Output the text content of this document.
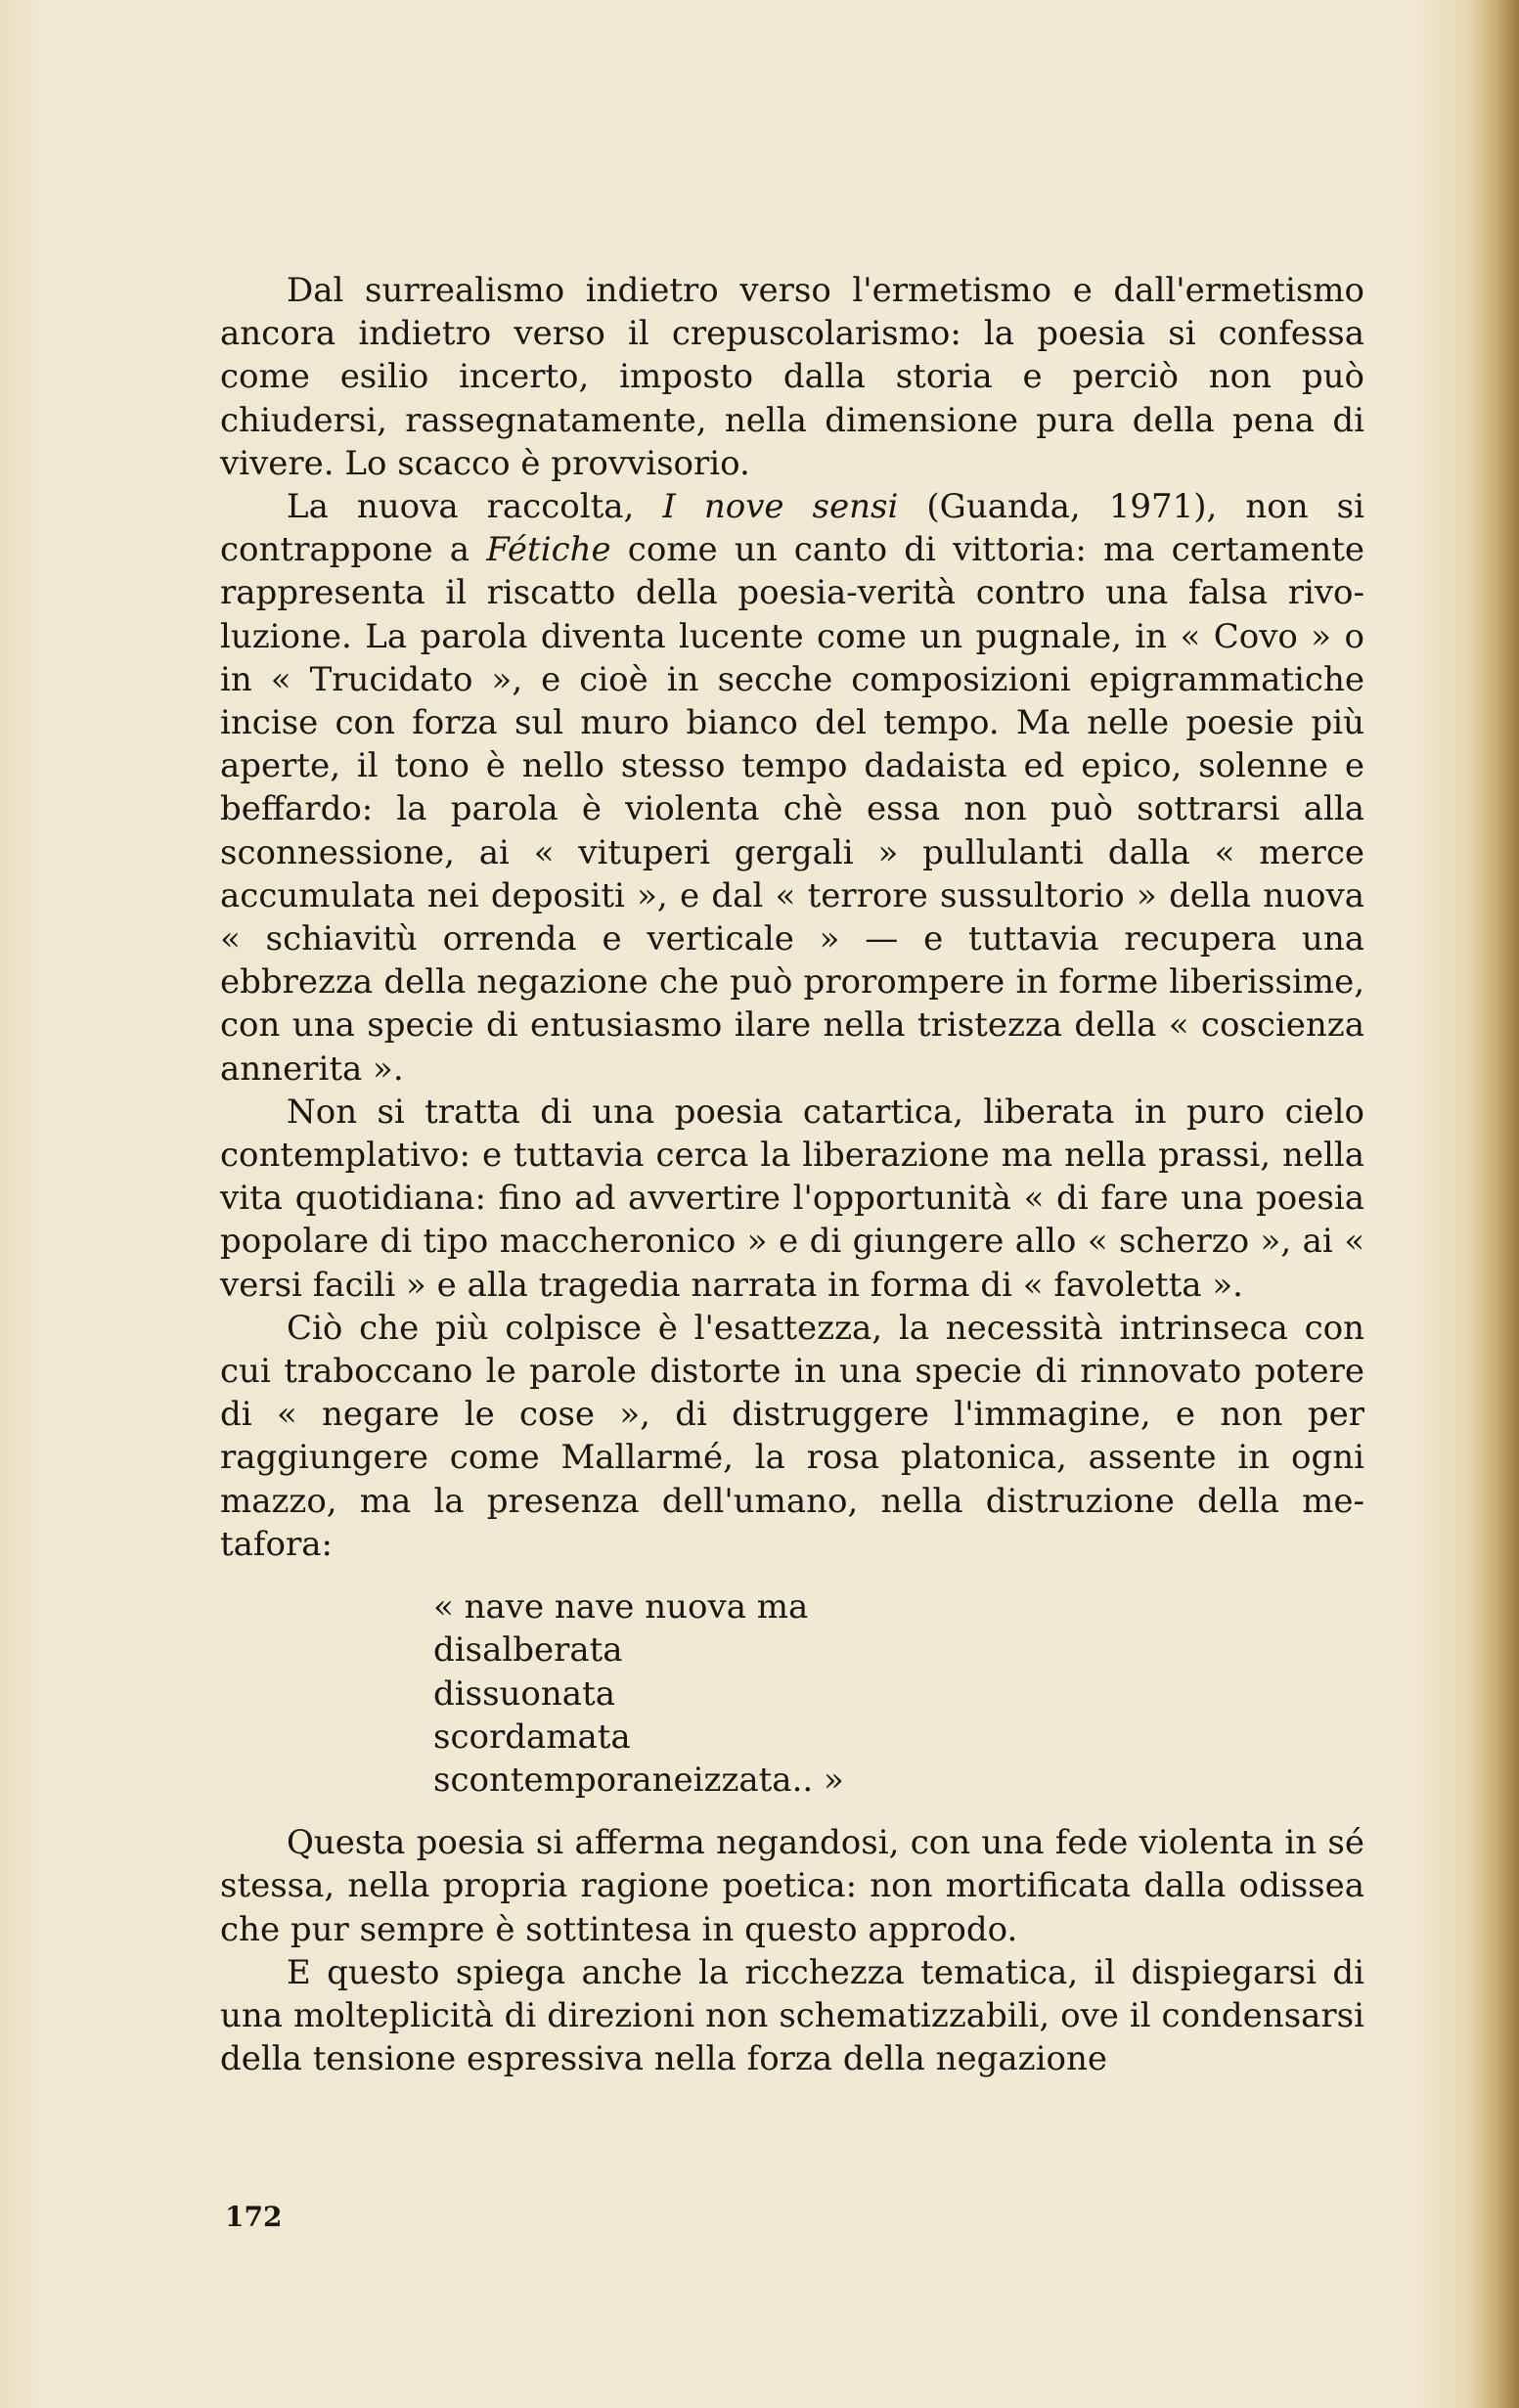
Dal surrealismo indietro verso l'ermetismo e dall'ermetismo ancora indietro verso il crepuscolarismo: la poesia si confessa come esilio incerto, imposto dalla storia e perciò non può chiudersi, rassegnatamente, nella dimensione pura della pena di vivere. Lo scacco è provvisorio.

La nuova raccolta, I nove sensi (Guanda, 1971), non si contrappone a Fétiche come un canto di vittoria: ma certamente rappresenta il riscatto della poesia-verità contro una falsa rivoluzione. La parola diventa lucente come un pugnale, in « Covo » o in « Trucidato », e cioè in secche composizioni epigrammatiche incise con forza sul muro bianco del tempo. Ma nelle poesie più aperte, il tono è nello stesso tempo dadaista ed epico, solenne e beffardo: la parola è violenta chè essa non può sottrarsi alla sconnessione, ai « vituperi gergali » pullulanti dalla « merce accumulata nei depositi », e dal « terrore sussultorio » della nuova « schiavitù orrenda e verticale » — e tuttavia recupera una ebbrezza della negazione che può prorompere in forme liberissime, con una specie di entusiasmo ilare nella tristezza della « coscienza annerita ».

Non si tratta di una poesia catartica, liberata in puro cielo contemplativo: e tuttavia cerca la liberazione ma nella prassi, nella vita quotidiana: fino ad avvertire l'opportunità « di fare una poesia popolare di tipo maccheronico » e di giungere allo « scherzo », ai « versi facili » e alla tragedia narrata in forma di « favoletta ».

Ciò che più colpisce è l'esattezza, la necessità intrinseca con cui traboccano le parole distorte in una specie di rinnovato potere di « negare le cose », di distruggere l'immagine, e non per raggiungere come Mallarmé, la rosa platonica, assente in ogni mazzo, ma la presenza dell'umano, nella distruzione della metafora:

« nave nave nuova ma
disalberata
dissuonata
scordamata
scontemporaneizzata.. »

Questa poesia si afferma negandosi, con una fede violenta in sé stessa, nella propria ragione poetica: non mortificata dalla odissea che pur sempre è sottintesa in questo approdo.

E questo spiega anche la ricchezza tematica, il dispiegarsi di una molteplicità di direzioni non schematizzabili, ove il condensarsi della tensione espressiva nella forza della negazione

172
